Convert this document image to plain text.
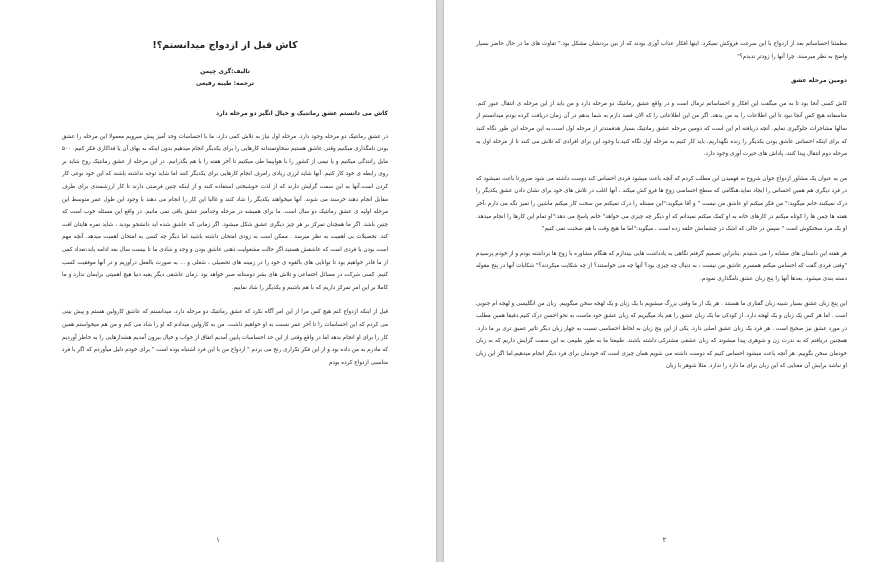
کاش قبل از ازدواج میدانستم؟!

تالیف:گری چپمن

ترجمه: طیبه رفیعی

کاش می دانستم عشق رمانتیک و خیال انگیز دو مرحله دارد

در عشق رمانتیک دو مرحله وجود دارد. مرحله اول نیاز به تلاش کمی دارد. ما با احساسات وجد آمیز پیش میرویم معمولا این مرحله را عشق بودن نامگذاری میکنیم وقتی عاشق هستیم سخاوتمندانه کارهایی را برای یکدیگر انجام میدهیم بدون اینکه به بهای آن یا فداکاری فکر کنیم. ۵۰۰ مایل رانندگی میکنیم و یا نیمی از کشور را با هواپیما طی میکنیم تا آخر هفته را با هم بگذرانیم. در این مرحله از عشق رمانتیک روح شاید بر روی رابطه ی خود کار کنیم. آنها شاید لرزی زیادی رامرف انجام کارهایی برای یکدیگر کنند اما شاید توجه نداشته باشند که این خود نوعی کار کردن است.آنها به این سمت گرایش دارند که از لذت خوشبختی استفاده کنند و از اینکه چنین فرصتی دارند تا کار ارزشمندی برای طرف مقابل انجام دهند خرسند می شوند. آنها میخواهند یکدیگر را شاد کنند و غالبا این کار را انجام می دهند با وجود این طول عمر متوسط این مرحله اولیه ی عشق رمانتیک دو سال است. ما برای همیشه در مرحله وجدآمیز عشق باقی نمی مانیم. در واقع این مسئله خوب است که چنین باشد. اگر ما همچنان تمرکز بر هر چیز دیگری عشق شکل میشود. اگر زمانی که عاشق شده اید دانشجو بودید ، شاید نمره هایتان افت کند. تحصیلات بی اهمیت به نظر میرسد . ممکن است به زودی امتحان داشته باشید اما دیگر چه کسی به امتحان اهمیت میدهد. آنچه مهم است بودن با فردی است که عاشقش هستید.اگر حالت مشغولیت ذهنی عاشق بودن و وجد و شادی ما تا بیست سال بعد ادامه یابد،تعداد کمی از ما قادر خواهیم بود تا توانایی های بالقوه ی خود را در زمینه های تحصیلی ، شغلی و ... به صورت بالفعل درآوریم و در آنها موفقیت کسب کنیم. کسی شرکت در مسائل اجتماعی و تلاش های بشر دوستانه صبر خواهد بود .زمان عاشقی دیگر بقیه دنیا هیچ اهمیتی برایمان ندارد و ما کاملا بر این امر تمرکز داریم که با هم باشیم و یکدیگر را شاد نماییم.

قبل از اینکه ازدواج کنم هیچ کس مرا از این امر آگاه نکرد که عشق رمانتیک دو مرحله دارد. میدانستم که عاشق کارولین هستم و پیش بینی می کردم که این احساسات را تا آخر عمر نسبت به او خواهیم داشت. من به کارولین میدادم که او را شاد می کنم و من هم میخواستم همین کار را برای او انجام بدهد اما در واقع وقتی از این حد احساسات پایین آمدیم اتفاق از خواب و خیال بیرون آمدیم هشدارهایی را به خاطر آوردیم که مادرم به من داده بود و از این فکر تکراری رنج می بردم " ازدواج من با این فرد اشتباه بوده است " برای خودم دلیل میآوردم که اگر با فرد مناسبی ازدواج کرده بودم

۱

مطمئنا احساساتم بعد از ازدواج با این سرعت فروکش نمیکرد. اینها افکار عذاب آوری بودند که از بین بردنشان مشکل بود." تفاوت های ما در حال حاضر بسیار واضح به نظر میرسند. چرا آنها را زودتر ندیدم؟"

دومین مرحله عشق

کاش کسی آنجا بود تا به من میگفت این افکار و احساساتم نرمال است و در واقع عشق رمانتیک دو مرحله دارد و من باید از این مرحله ی انتقال عبور کنم. متاسفانه هیچ کس آنجا نبود تا این اطلاعات را به من بدهد. اگر من این اطلاعاتی را که الان قصد دارم به شما بدهم در آن زمان دریافت کرده بودم میدانستم از سالها مشاجرات جلوگیری نمایم. آنچه دریافته ام این است که دومین مرحله عشق رمانتیک بسیار هدفمندتر از مرحله اول است.به این مرحله این طور نگاه کنید که برای اینکه احساس عاشق بودن یکدیگر را زنده نگهداریم، باید کار کنیم به مرحله اول نگاه کنید.با وجود این برای افرادی که تلاش می کنند تا از مرحله اول به مرحله دوم انتقال پیدا کنند، پاداش های حیرت آوری وجود دارد.

من به عنوان یک مشاور ازدواج جوان شروع به فهمیدن این مطلب کردم که آنچه باعث میشود فردی احساس کند دوست داشته می شود ضرورتا باعث نمیشود که در فرد دیگری هم همین احساس را ایجاد نماید.هنگامی که سطح احساسی زوج ها فرو کش میکند ، آنها اغلب در تلاش های خود برای نشان دادن عشق یکدیگر را درک نمیکنند.خانم میگوید:" من فکر میکنم او عاشق من نیست " و آقا میگوید:"این مسئله را درک نمیکنم من سخت کار میکنم ماشین را تمیز نگه می دارم ،آخر هفته ها چمن ها را کوتاه میکنم در کارهای خانه به او کمک میکنم نمیدانم که او دیگر چه چیزی می خواهد" خانم پاسخ می دهد:"او تمام این کارها را انجام میدهد. او یک مرد سختکوش است " سپس در حالی که اشک در چشمانش حلقه زده است ، میگوید:"اما ما هیچ وقت با هم صحبت نمی کنیم"

هر هفته این داستان های مشابه را می شنیدم .بنابراین تصمیم گرفتم نگاهی به یادداشت هایی بیندازم که هنگام مشاوره با زوج ها برداشته بودم و از خودم پرسیدم "وقتی فردی گفت که احساس میکنم همسرم عاشق من نیست ، به دنبال چه چیزی بود؟ آنها چه می خواستند؟ از چه شکایت میکردند؟" شکایات آنها در پنج مقوله دسته بندی میشود. بعدها آنها را پنج زبان عشق نامگذاری نمودم.

این پنج زبان عشق بسیار شبیه زبان گفتاری ما هستند . هر یک از ما وقتی بزرگ میشویم با یک زبان و یک لهجه سخن میگوییم. زبان من انگلیسی و لهجه ام جنوبی است . اما هر کس یک زبان و یک لهجه دارد. از کودکی ما یک زبان عشق را هم یاد میگیریم که زبان عشق خود ماست به نحو احسن درک کنیم.دقیقا همین مطلب در مورد عشق نیز صحیح است . هر فرد یک زبان عشق اصلی دارد. یکی از این پنج زبان به لحاظ احساسی نسبت به چهار زبان دیگر تاثیر عمیق تری بر ما دارد. همچنین دریافتم که به ندرت زن و شوهری پیدا میشوند که زبان عشقی مشترکی داشته باشند. طبیعتا ما به طور طبیعی به این سمت گرایش داریم که به زبان خودمان سخن بگوییم. هر آنچه باعث میشود احساس کنیم که دوست داشته می شویم همان چیزی است که خودمان برای فرد دیگر انجام میدهیم.اما اگر این زبان او نباشد برایش آن معنایی که این زبان برای ما دارد را ندارد. مثلا شوهر با زبان

۲
